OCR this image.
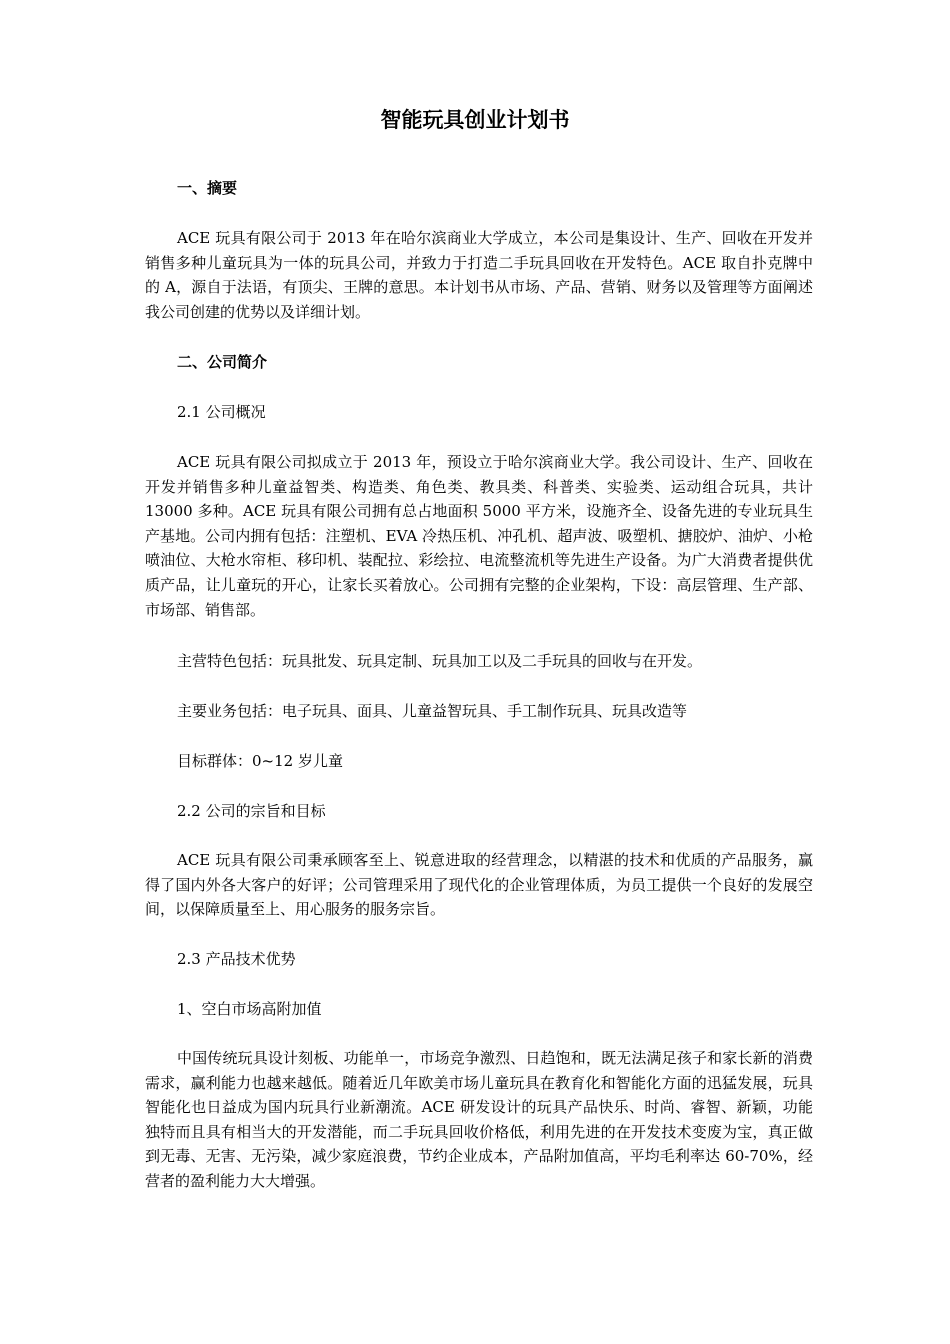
智能玩具创业计划书

一、摘要

ACE 玩具有限公司于 2013 年在哈尔滨商业大学成立，本公司是集设计、生产、回收在开发并销售多种儿童玩具为一体的玩具公司，并致力于打造二手玩具回收在开发特色。ACE 取自扑克牌中的 A，源自于法语，有顶尖、王牌的意思。本计划书从市场、产品、营销、财务以及管理等方面阐述我公司创建的优势以及详细计划。

二、公司简介

2.1 公司概况

ACE 玩具有限公司拟成立于 2013 年，预设立于哈尔滨商业大学。我公司设计、生产、回收在开发并销售多种儿童益智类、构造类、角色类、教具类、科普类、实验类、运动组合玩具，共计 13000 多种。ACE 玩具有限公司拥有总占地面积 5000 平方米，设施齐全、设备先进的专业玩具生产基地。公司内拥有包括：注塑机、EVA 冷热压机、冲孔机、超声波、吸塑机、搪胶炉、油炉、小枪喷油位、大枪水帘柜、移印机、装配拉、彩绘拉、电流整流机等先进生产设备。为广大消费者提供优质产品，让儿童玩的开心，让家长买着放心。公司拥有完整的企业架构，下设：高层管理、生产部、市场部、销售部。

主营特色包括：玩具批发、玩具定制、玩具加工以及二手玩具的回收与在开发。

主要业务包括：电子玩具、面具、儿童益智玩具、手工制作玩具、玩具改造等

目标群体：0~12 岁儿童

2.2 公司的宗旨和目标

ACE 玩具有限公司秉承顾客至上、锐意进取的经营理念，以精湛的技术和优质的产品服务，赢得了国内外各大客户的好评；公司管理采用了现代化的企业管理体质，为员工提供一个良好的发展空间，以保障质量至上、用心服务的服务宗旨。

2.3 产品技术优势

1、空白市场高附加值

中国传统玩具设计刻板、功能单一，市场竞争激烈、日趋饱和，既无法满足孩子和家长新的消费需求，赢利能力也越来越低。随着近几年欧美市场儿童玩具在教育化和智能化方面的迅猛发展，玩具智能化也日益成为国内玩具行业新潮流。ACE 研发设计的玩具产品快乐、时尚、睿智、新颖，功能独特而且具有相当大的开发潜能，而二手玩具回收价格低，利用先进的在开发技术变废为宝，真正做到无毒、无害、无污染，减少家庭浪费，节约企业成本，产品附加值高，平均毛利率达 60-70%，经营者的盈利能力大大增强。
